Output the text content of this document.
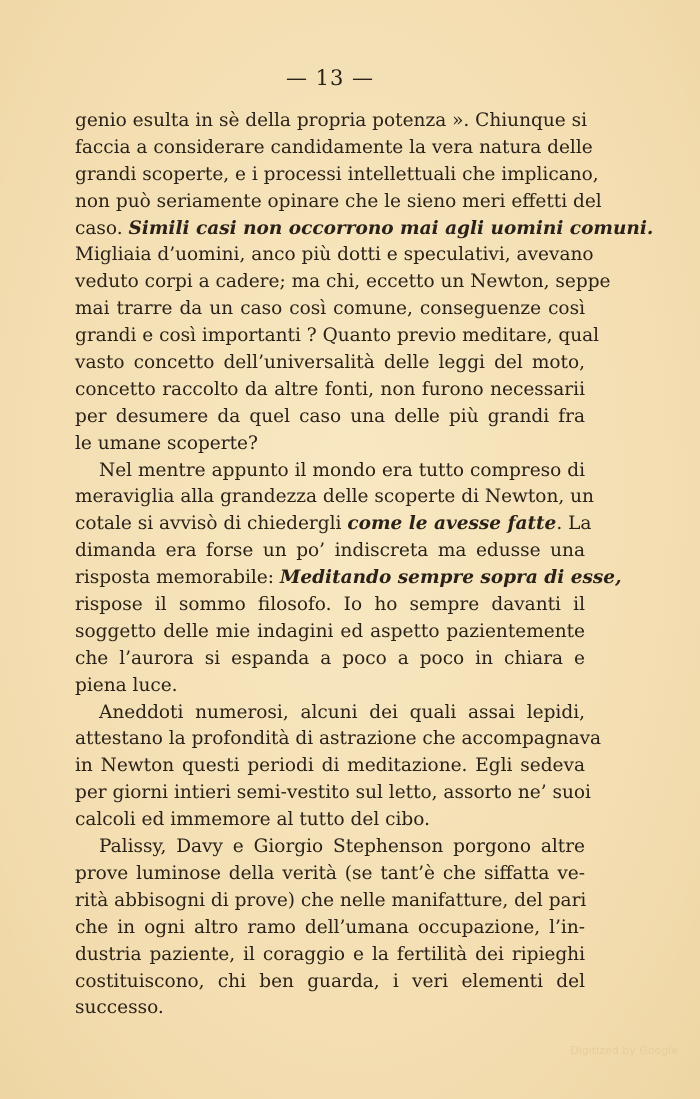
— 13 —
genio esulta in sè della propria potenza ». Chiunque si
faccia a considerare candidamente la vera natura delle
grandi scoperte, e i processi intellettuali che implicano,
non può seriamente opinare che le sieno meri effetti del
caso. Simili casi non occorrono mai agli uomini comuni.
Migliaia d’uomini, anco più dotti e speculativi, avevano
veduto corpi a cadere; ma chi, eccetto un Newton, seppe
mai trarre da un caso così comune, conseguenze così
grandi e così importanti ? Quanto previo meditare, qual
vasto concetto dell’universalità delle leggi del moto,
concetto raccolto da altre fonti, non furono necessarii
per desumere da quel caso una delle più grandi fra
le umane scoperte?
Nel mentre appunto il mondo era tutto compreso di
meraviglia alla grandezza delle scoperte di Newton, un
cotale si avvisò di chiedergli come le avesse fatte. La
dimanda era forse un po’ indiscreta ma edusse una
risposta memorabile: Meditando sempre sopra di esse,
rispose il sommo filosofo. Io ho sempre davanti il
soggetto delle mie indagini ed aspetto pazientemente
che l’aurora si espanda a poco a poco in chiara e
piena luce.
Aneddoti numerosi, alcuni dei quali assai lepidi,
attestano la profondità di astrazione che accompagnava
in Newton questi periodi di meditazione. Egli sedeva
per giorni intieri semi-vestito sul letto, assorto ne’ suoi
calcoli ed immemore al tutto del cibo.
Palissy, Davy e Giorgio Stephenson porgono altre
prove luminose della verità (se tant’è che siffatta ve-
rità abbisogni di prove) che nelle manifatture, del pari
che in ogni altro ramo dell’umana occupazione, l’in-
dustria paziente, il coraggio e la fertilità dei ripieghi
costituiscono, chi ben guarda, i veri elementi del
successo.
Digitized by Google
